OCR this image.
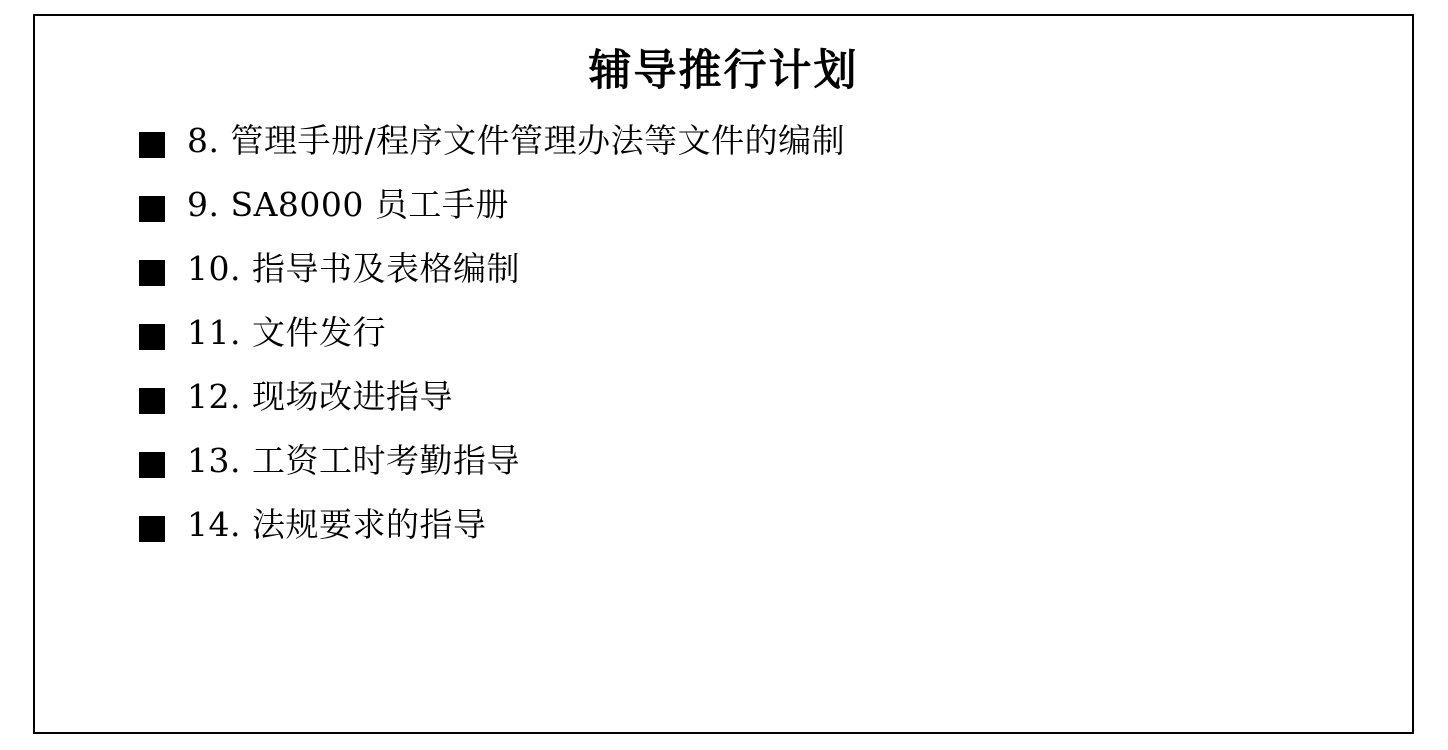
辅导推行计划
8. 管理手册/程序文件管理办法等文件的编制
9. SA8000 员工手册
10. 指导书及表格编制
11. 文件发行
12. 现场改进指导
13. 工资工时考勤指导
14. 法规要求的指导
